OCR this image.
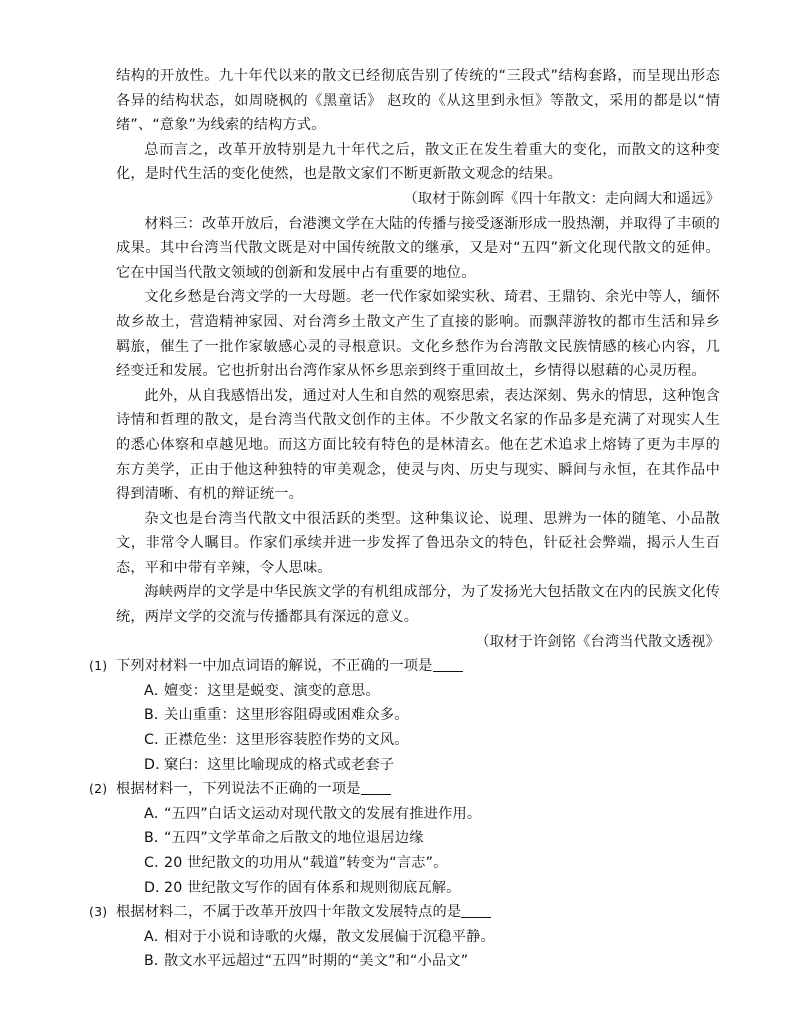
结构的开放性。九十年代以来的散文已经彻底告别了传统的“三段式”结构套路，而呈现出形态各异的结构状态，如周晓枫的《黑童话》 赵玫的《从这里到永恒》等散文，采用的都是以“情绪”、“意象”为线索的结构方式。

总而言之，改革开放特别是九十年代之后，散文正在发生着重大的变化，而散文的这种变化，是时代生活的变化使然，也是散文家们不断更新散文观念的结果。

（取材于陈剑晖《四十年散文：走向阔大和遥远》

材料三：改革开放后，台港澳文学在大陆的传播与接受逐渐形成一股热潮，并取得了丰硕的成果。其中台湾当代散文既是对中国传统散文的继承，又是对“五四”新文化现代散文的延伸。它在中国当代散文领域的创新和发展中占有重要的地位。

文化乡愁是台湾文学的一大母题。老一代作家如梁实秋、琦君、王鼎钧、余光中等人，缅怀故乡故土，营造精神家园、对台湾乡土散文产生了直接的影响。而飘萍游牧的都市生活和异乡羁旅，催生了一批作家敏感心灵的寻根意识。文化乡愁作为台湾散文民族情感的核心内容，几经变迁和发展。它也折射出台湾作家从怀乡思亲到终于重回故土，乡情得以慰藉的心灵历程。

此外，从自我感悟出发，通过对人生和自然的观察思索，表达深刻、隽永的情思，这种饱含诗情和哲理的散文，是台湾当代散文创作的主体。不少散文名家的作品多是充满了对现实人生的悉心体察和卓越见地。而这方面比较有特色的是林清玄。他在艺术追求上熔铸了更为丰厚的东方美学，正由于他这种独特的审美观念，使灵与肉、历史与现实、瞬间与永恒，在其作品中得到清晰、有机的辩证统一。

杂文也是台湾当代散文中很活跃的类型。这种集议论、说理、思辨为一体的随笔、小品散文，非常令人瞩目。作家们承续并进一步发挥了鲁迅杂文的特色，针砭社会弊端，揭示人生百态，平和中带有辛辣，令人思味。

海峡两岸的文学是中华民族文学的有机组成部分，为了发扬光大包括散文在内的民族文化传统，两岸文学的交流与传播都具有深远的意义。

（取材于许剑铭《台湾当代散文透视》

(1) 下列对材料一中加点词语的解说，不正确的一项是

A．嬗变：这里是蜕变、演变的意思。

B．关山重重：这里形容阻碍或困难众多。

C．正襟危坐：这里形容装腔作势的文风。

D．窠臼：这里比喻现成的格式或老套子

(2) 根据材料一，下列说法不正确的一项是

A．“五四”白话文运动对现代散文的发展有推进作用。

B．“五四”文学革命之后散文的地位退居边缘

C．20 世纪散文的功用从“载道”转变为“言志”。

D．20 世纪散文写作的固有体系和规则彻底瓦解。

(3) 根据材料二，不属于改革开放四十年散文发展特点的是

A．相对于小说和诗歌的火爆，散文发展偏于沉稳平静。

B．散文水平远超过“五四”时期的“美文”和“小品文”
